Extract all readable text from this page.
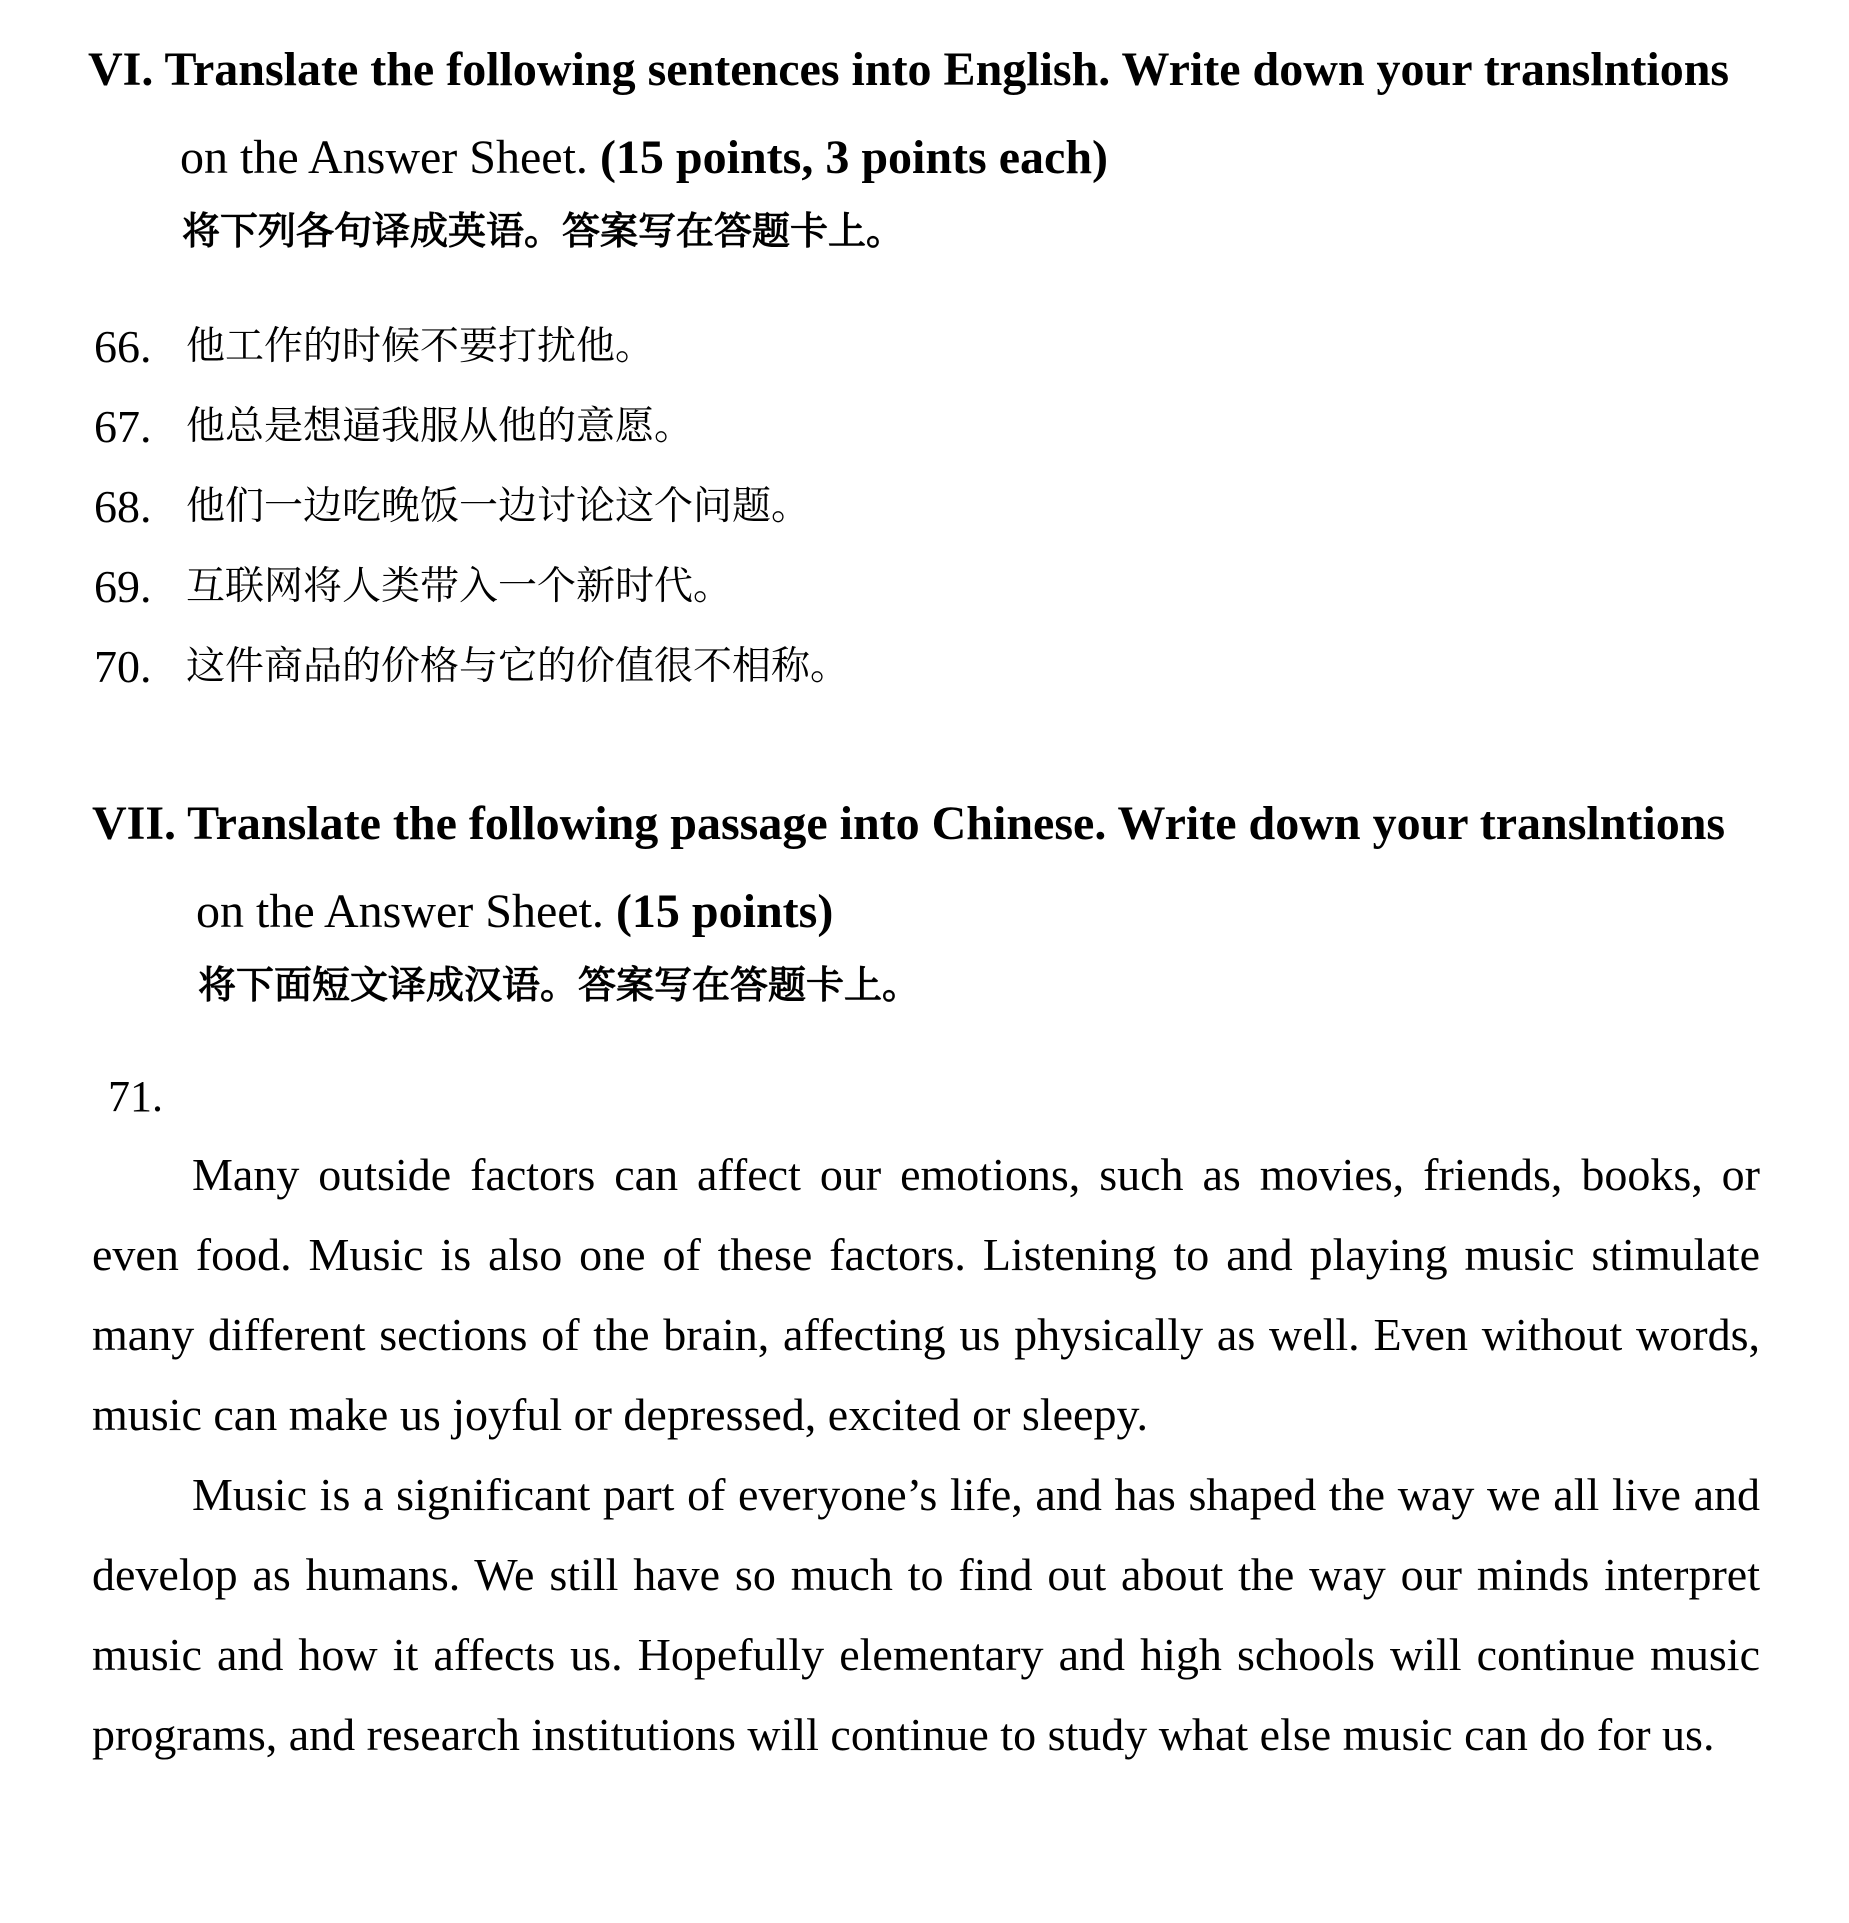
VI. Translate the following sentences into English. Write down your translntions
on the Answer Sheet. (15 points, 3 points each)
将下列各句译成英语。答案写在答题卡上。
66. 他工作的时候不要打扰他。
67. 他总是想逼我服从他的意愿。
68. 他们一边吃晚饭一边讨论这个问题。
69. 互联网将人类带入一个新时代。
70. 这件商品的价格与它的价值很不相称。
VII. Translate the following passage into Chinese. Write down your translntions
on the Answer Sheet. (15 points)
将下面短文译成汉语。答案写在答题卡上。
71.

Many outside factors can affect our emotions, such as movies, friends, books, or even food. Music is also one of these factors. Listening to and playing music stimulate many different sections of the brain, affecting us physically as well. Even without words, music can make us joyful or depressed, excited or sleepy.

Music is a significant part of everyone’s life, and has shaped the way we all live and develop as humans. We still have so much to find out about the way our minds interpret music and how it affects us. Hopefully elementary and high schools will continue music programs, and research institutions will continue to study what else music can do for us.
